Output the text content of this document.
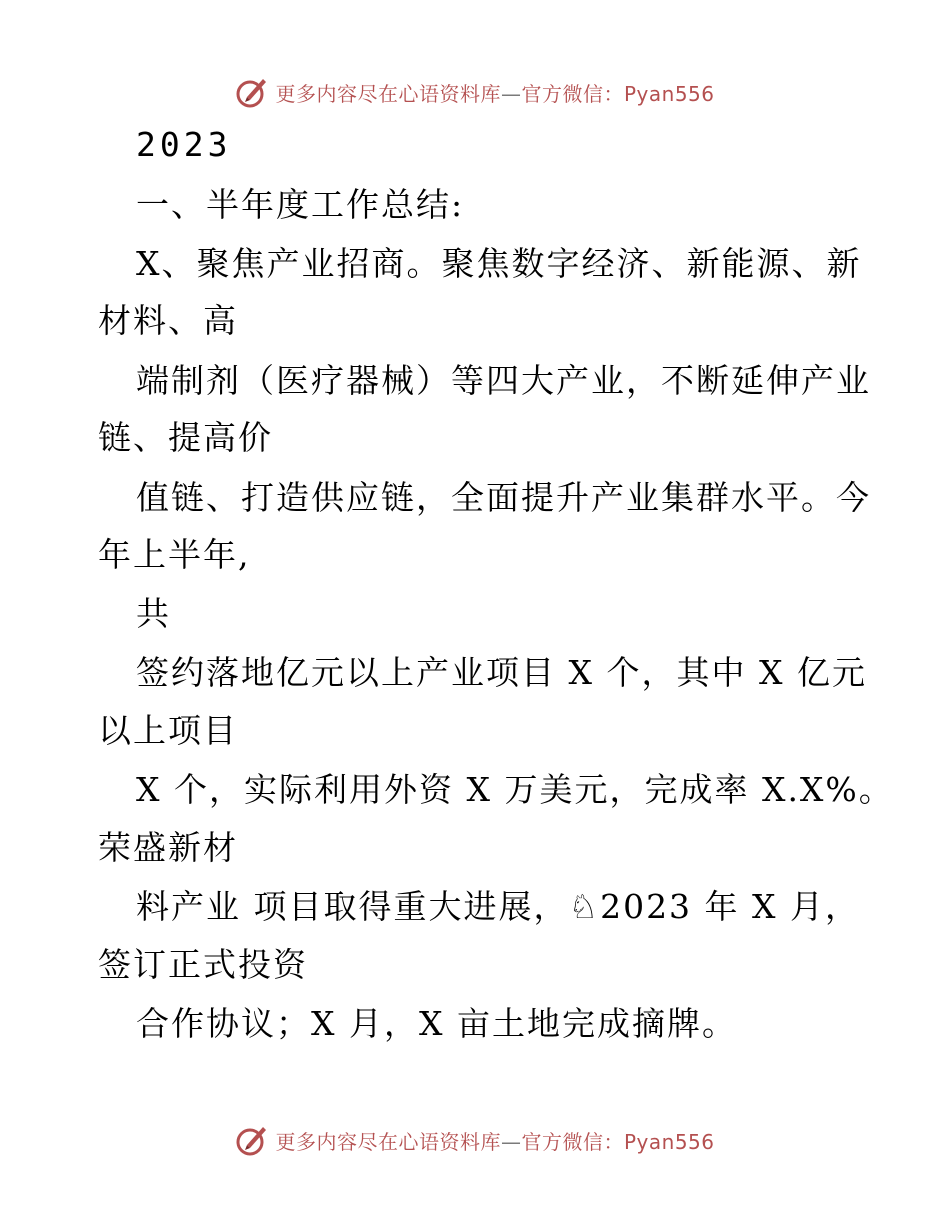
更多内容尽在心语资料库—官方微信：Pyan556
2023
一、半年度工作总结:
X、聚焦产业招商。聚焦数字经济、新能源、新
材料、高
端制剂（医疗器械）等四大产业，不断延伸产业
链、提高价
值链、打造供应链，全面提升产业集群水平。今
年上半年,
共
签约落地亿元以上产业项目 X 个，其中 X 亿元
以上项目
X 个，实际利用外资 X 万美元，完成率 X.X%。
荣盛新材
料产业 项目取得重大进展，♘2023 年 X 月，
签订正式投资
合作协议；X 月，X 亩土地完成摘牌。
更多内容尽在心语资料库—官方微信：Pyan556
